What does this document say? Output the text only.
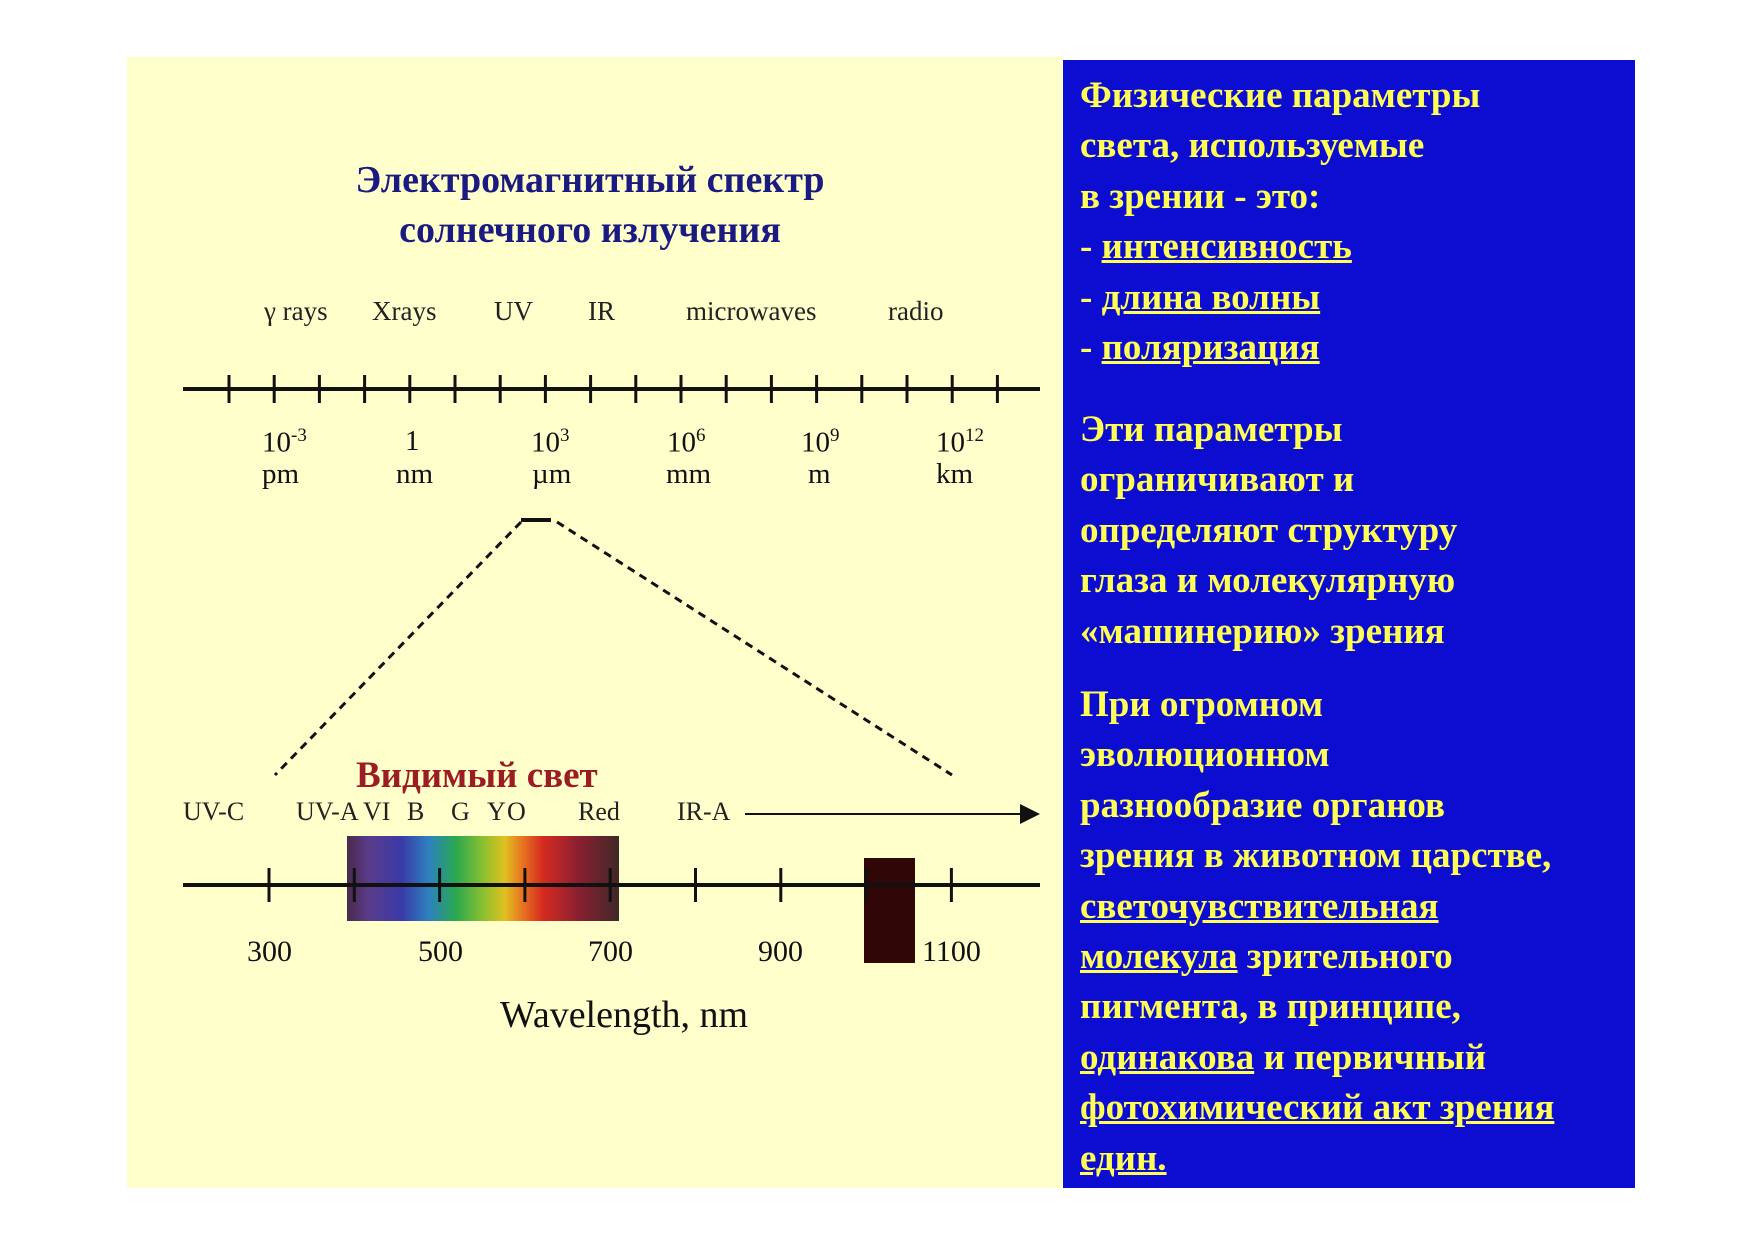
Электромагнитный спектр
солнечного излучения
γ rays Xrays UV IR	microwaves	radio
$10^{-3}$
pm
1
nm
$10^3$
µm
$10^6$
mm
$10^9$
m
$10^{12}$
km
Видимый свет
UV-C UV-A VI B G Y O Red IR-A
300	500	700	900	1100
Wavelength, nm

Физические параметры

света, используемые

в зрении - это:

- интенсивность

- длина волны

- поляризация

Эти параметры

ограничивают и

определяют структуру

глаза и молекулярную

«машинерию» зрения

При огромном

эволюционном

разнообразие органов

зрения в животном царстве,

светочувствительная

молекула зрительного

пигмента, в принципе,

одинакова и первичный

фотохимический акт зрения

един.
